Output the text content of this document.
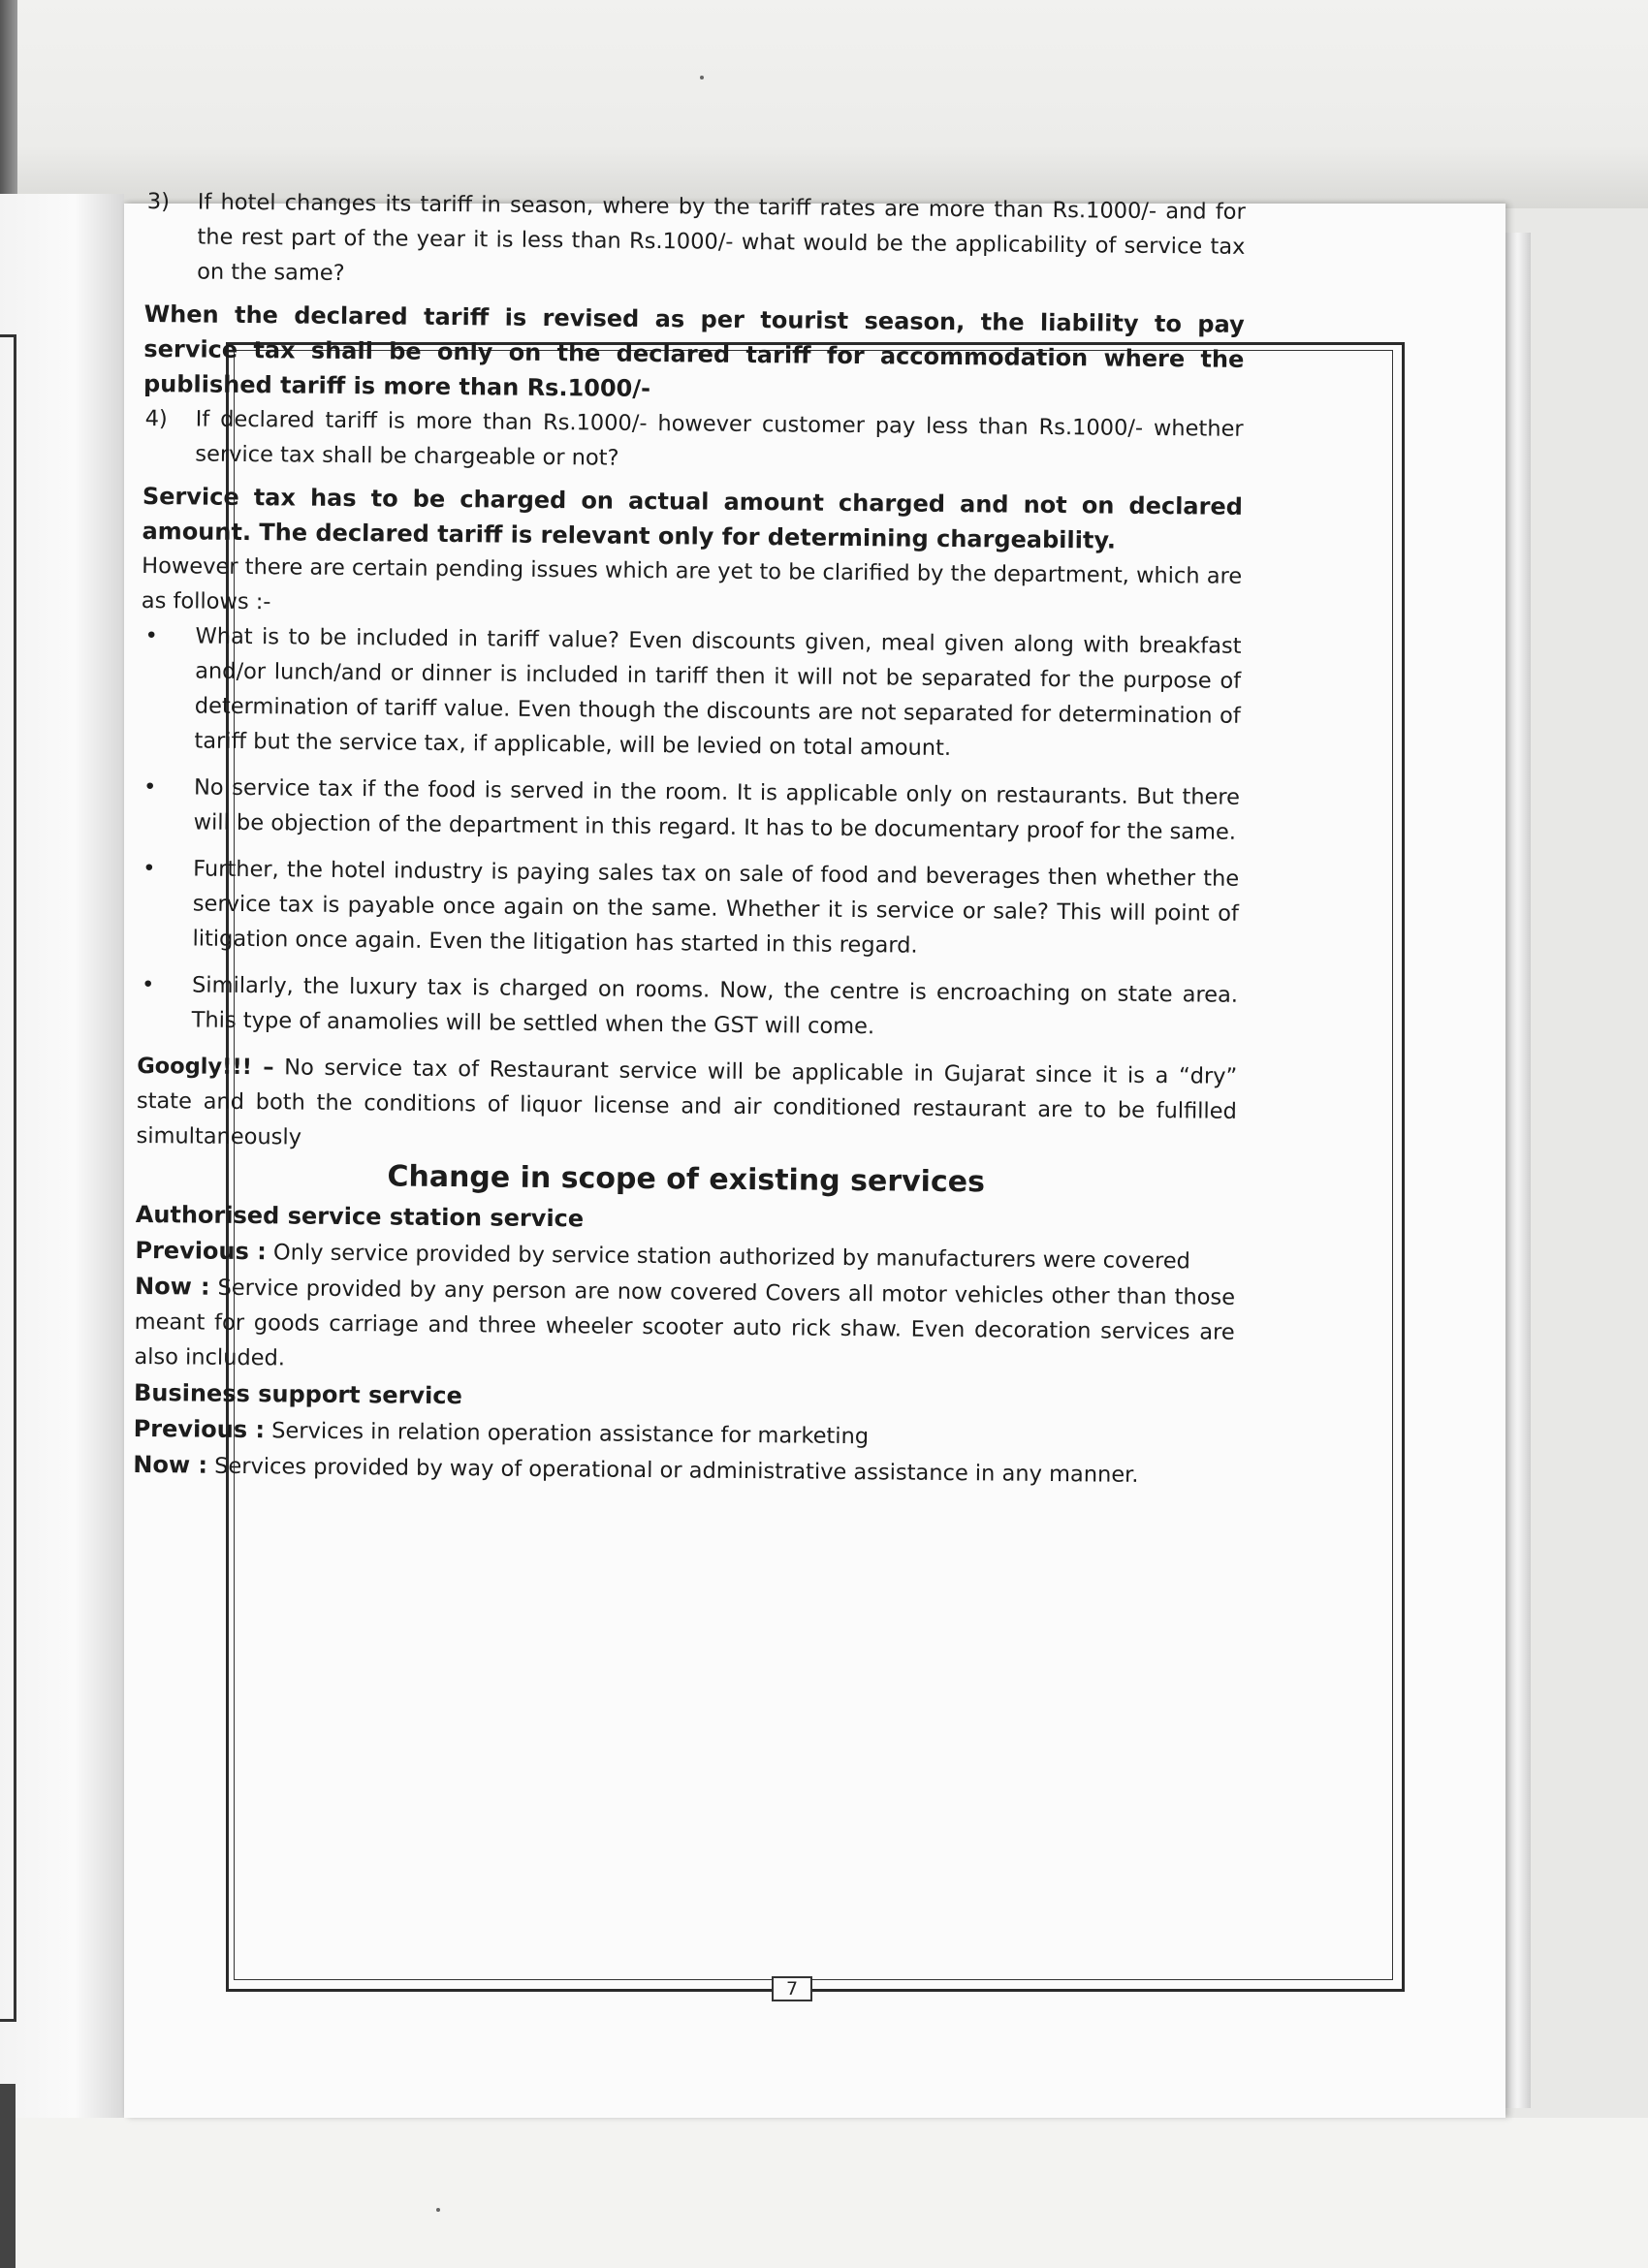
7
3)	If hotel changes its tariff in season, where by the tariff rates are more than Rs.1000/- and for the rest part of the year it is less than Rs.1000/- what would be the applicability of service tax on the same?

When the declared tariff is revised as per tourist season, the liability to pay service tax shall be only on the declared tariff for accommodation where the published tariff is more than Rs.1000/-

4)	If declared tariff is more than Rs.1000/- however customer pay less than Rs.1000/- whether service tax shall be chargeable or not?

Service tax has to be charged on actual amount charged and not on declared amount. The declared tariff is relevant only for determining chargeability.

However there are certain pending issues which are yet to be clarified by the department, which are as follows :-

•	What is to be included in tariff value? Even discounts given, meal given along with breakfast and/or lunch/and or dinner is included in tariff then it will not be separated for the purpose of determination of tariff value. Even though the discounts are not separated for determination of tariff but the service tax, if applicable, will be levied on total amount.
•	No service tax if the food is served in the room. It is applicable only on restaurants. But there will be objection of the department in this regard. It has to be documentary proof for the same.
•	Further, the hotel industry is paying sales tax on sale of food and beverages then whether the service tax is payable once again on the same. Whether it is service or sale? This will point of litigation once again. Even the litigation has started in this regard.
•	Similarly, the luxury tax is charged on rooms. Now, the centre is encroaching on state area. This type of anamolies will be settled when the GST will come.

Googly!!! – No service tax of Restaurant service will be applicable in Gujarat since it is a “dry” state and both the conditions of liquor license and air conditioned restaurant are to be fulfilled simultaneously

Change in scope of existing services

Authorised service station service

Previous : Only service provided by service station authorized by manufacturers were covered

Now : Service provided by any person are now covered Covers all motor vehicles other than those meant for goods carriage and three wheeler scooter auto rick shaw. Even decoration services are also included.

Business support service

Previous : Services in relation operation assistance for marketing

Now : Services provided by way of operational or administrative assistance in any manner.
